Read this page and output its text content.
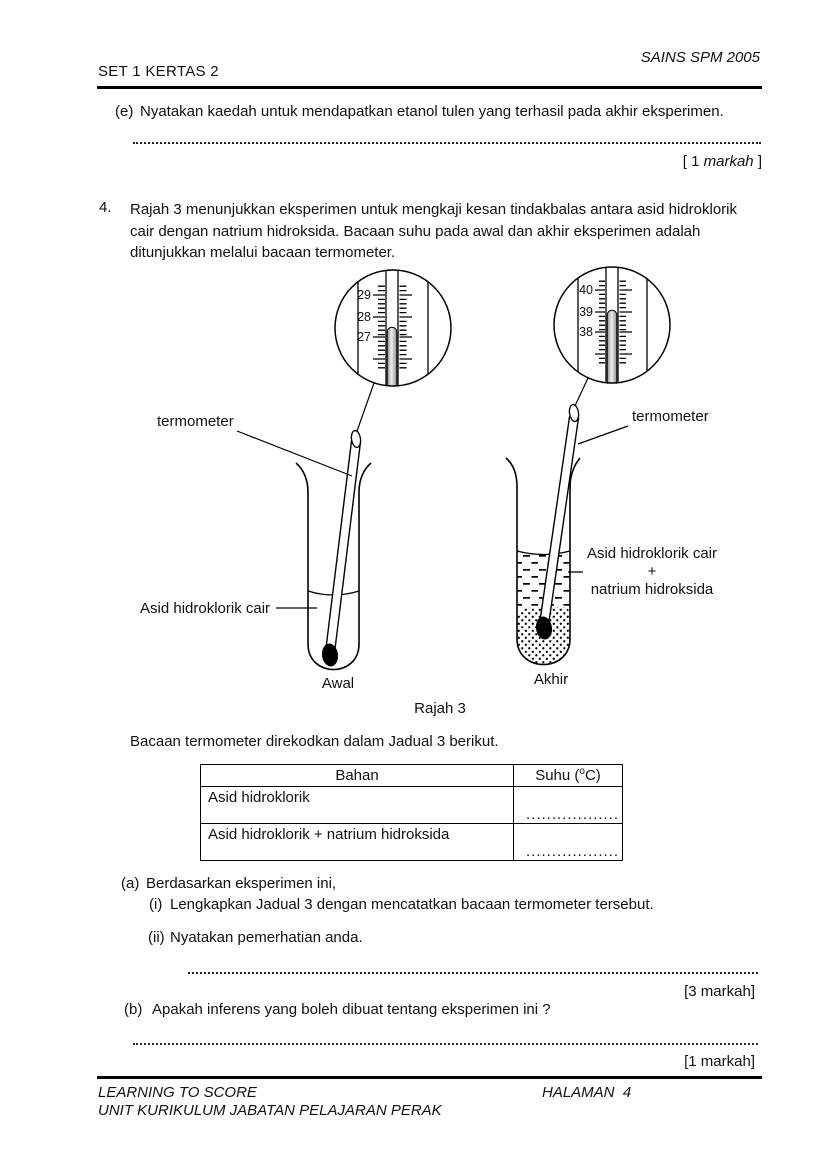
SAINS SPM 2005
SET 1 KERTAS 2
(e) Nyatakan kaedah untuk mendapatkan etanol tulen yang terhasil pada akhir eksperimen.
[ 1 markah ]
4. Rajah 3 menunjukkan eksperimen untuk mengkaji kesan tindakbalas antara asid hidroklorik
cair dengan natrium hidroksida. Bacaan suhu pada awal dan akhir eksperimen adalah
ditunjukkan melalui bacaan termometer.
29
28
27
40
39
38
termometer
Asid hidroklorik cair
Awal
termometer
Asid hidroklorik cair
+
natrium hidroksida
Akhir
Rajah 3
Bacaan termometer direkodkan dalam Jadual 3 berikut.
Bahan	Suhu ($^o$C)
Asid hidroklorik	..................

Asid hidroklorik + natrium hidroksida	..................
(a) Berdasarkan eksperimen ini,
(i) Lengkapkan Jadual 3 dengan mencatatkan bacaan termometer tersebut.
(ii) Nyatakan pemerhatian anda.
[3 markah]
(b) Apakah inferens yang boleh dibuat tentang eksperimen ini ?
[1 markah]
LEARNING TO SCORE	HALAMAN  4
UNIT KURIKULUM JABATAN PELAJARAN PERAK
